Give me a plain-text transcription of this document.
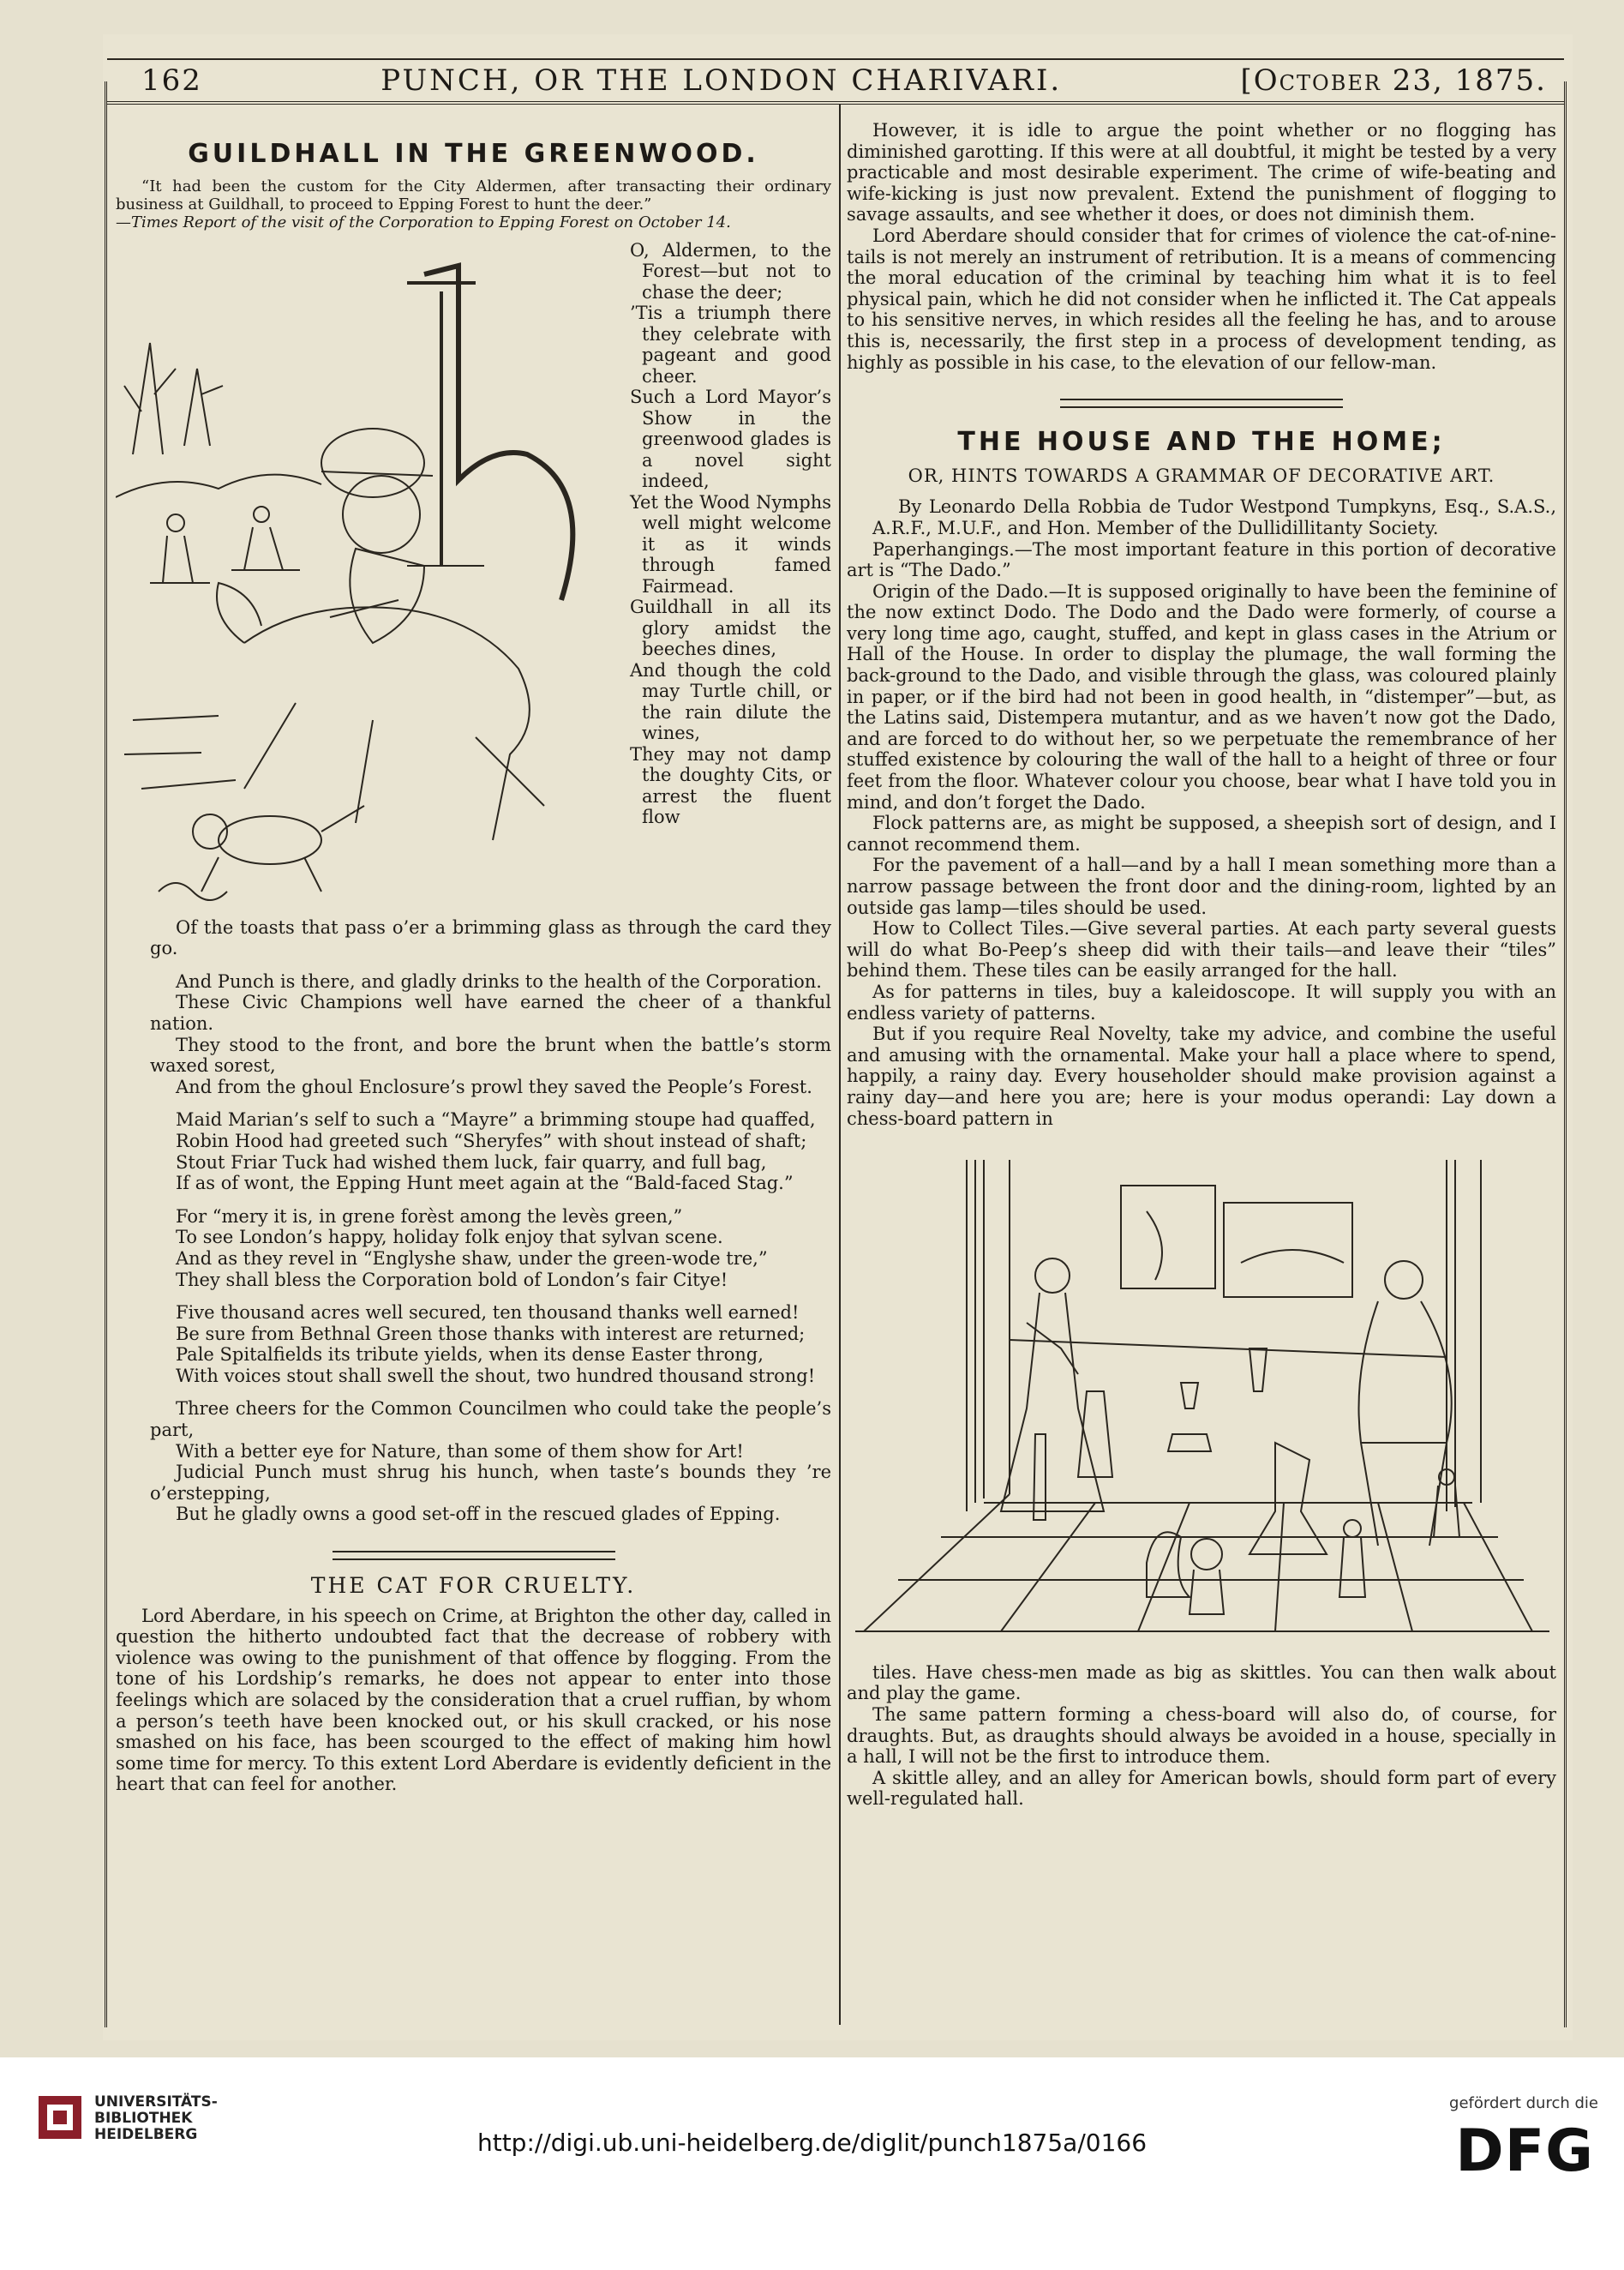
162	PUNCH, OR THE LONDON CHARIVARI.	[October 23, 1875.
GUILDHALL IN THE GREENWOOD.

“It had been the custom for the City Aldermen, after transacting their ordinary business at Guildhall, to proceed to Epping Forest to hunt the deer.”

—Times Report of the visit of the Corporation to Epping Forest on October 14.

O, Aldermen, to the Forest—but not to chase the deer;

’Tis a triumph there they celebrate with pageant and good cheer.

Such a Lord Mayor’s Show in the greenwood glades is a novel sight indeed,

Yet the Wood Nymphs well might welcome it as it winds through famed Fairmead.

Guildhall in all its glory amidst the beeches dines,

And though the cold may Turtle chill, or the rain dilute the wines,

They may not damp the doughty Cits, or arrest the fluent flow

Of the toasts that pass o’er a brimming glass as through the card they go.

And Punch is there, and gladly drinks to the health of the Corporation.

These Civic Champions well have earned the cheer of a thankful nation.

They stood to the front, and bore the brunt when the battle’s storm waxed sorest,

And from the ghoul Enclosure’s prowl they saved the People’s Forest.

Maid Marian’s self to such a “Mayre” a brimming stoupe had quaffed,

Robin Hood had greeted such “Sheryfes” with shout instead of shaft;

Stout Friar Tuck had wished them luck, fair quarry, and full bag,

If as of wont, the Epping Hunt meet again at the “Bald-faced Stag.”

For “mery it is, in grene forèst among the levès green,”

To see London’s happy, holiday folk enjoy that sylvan scene.

And as they revel in “Englyshe shaw, under the green-wode tre,”

They shall bless the Corporation bold of London’s fair Citye!

Five thousand acres well secured, ten thousand thanks well earned!

Be sure from Bethnal Green those thanks with interest are returned;

Pale Spitalfields its tribute yields, when its dense Easter throng,

With voices stout shall swell the shout, two hundred thousand strong!

Three cheers for the Common Councilmen who could take the people’s part,

With a better eye for Nature, than some of them show for Art!

Judicial Punch must shrug his hunch, when taste’s bounds they ’re o’erstepping,

But he gladly owns a good set-off in the rescued glades of Epping.

THE CAT FOR CRUELTY.

Lord Aberdare, in his speech on Crime, at Brighton the other day, called in question the hitherto undoubted fact that the decrease of robbery with violence was owing to the punishment of that offence by flogging. From the tone of his Lordship’s remarks, he does not appear to enter into those feelings which are solaced by the consideration that a cruel ruffian, by whom a person’s teeth have been knocked out, or his skull cracked, or his nose smashed on his face, has been scourged to the effect of making him howl some time for mercy. To this extent Lord Aberdare is evidently deficient in the heart that can feel for another.

However, it is idle to argue the point whether or no flogging has diminished garotting. If this were at all doubtful, it might be tested by a very practicable and most desirable experiment. The crime of wife-beating and wife-kicking is just now prevalent. Extend the punishment of flogging to savage assaults, and see whether it does, or does not diminish them.

Lord Aberdare should consider that for crimes of violence the cat-of-nine-tails is not merely an instrument of retribution. It is a means of commencing the moral education of the criminal by teaching him what it is to feel physical pain, which he did not consider when he inflicted it. The Cat appeals to his sensitive nerves, in which resides all the feeling he has, and to arouse this is, necessarily, the first step in a process of development tending, as highly as possible in his case, to the elevation of our fellow-man.

THE HOUSE AND THE HOME;
OR, HINTS TOWARDS A GRAMMAR OF DECORATIVE ART.

By Leonardo Della Robbia de Tudor Westpond Tumpkyns, Esq., S.A.S., A.R.F., M.U.F., and Hon. Member of the Dullidillitanty Society.

Paperhangings.—The most important feature in this portion of decorative art is “The Dado.”

Origin of the Dado.—It is supposed originally to have been the feminine of the now extinct Dodo. The Dodo and the Dado were formerly, of course a very long time ago, caught, stuffed, and kept in glass cases in the Atrium or Hall of the House. In order to display the plumage, the wall forming the back-ground to the Dado, and visible through the glass, was coloured plainly in paper, or if the bird had not been in good health, in “distemper”—but, as the Latins said, Distempera mutantur, and as we haven’t now got the Dado, and are forced to do without her, so we perpetuate the remembrance of her stuffed existence by colouring the wall of the hall to a height of three or four feet from the floor. Whatever colour you choose, bear what I have told you in mind, and don’t forget the Dado.

Flock patterns are, as might be supposed, a sheepish sort of design, and I cannot recommend them.

For the pavement of a hall—and by a hall I mean something more than a narrow passage between the front door and the dining-room, lighted by an outside gas lamp—tiles should be used.

How to Collect Tiles.—Give several parties. At each party several guests will do what Bo-Peep’s sheep did with their tails—and leave their “tiles” behind them. These tiles can be easily arranged for the hall.

As for patterns in tiles, buy a kaleidoscope. It will supply you with an endless variety of patterns.

But if you require Real Novelty, take my advice, and combine the useful and amusing with the ornamental. Make your hall a place where to spend, happily, a rainy day. Every householder should make provision against a rainy day—and here you are; here is your modus operandi: Lay down a chess-board pattern in

tiles. Have chess-men made as big as skittles. You can then walk about and play the game.

The same pattern forming a chess-board will also do, of course, for draughts. But, as draughts should always be avoided in a house, specially in a hall, I will not be the first to introduce them.

A skittle alley, and an alley for American bowls, should form part of every well-regulated hall.

UNIVERSITÄTS-
BIBLIOTHEK
HEIDELBERG	http://digi.ub.uni-heidelberg.de/diglit/punch1875a/0166
gefördert durch die
DFG
